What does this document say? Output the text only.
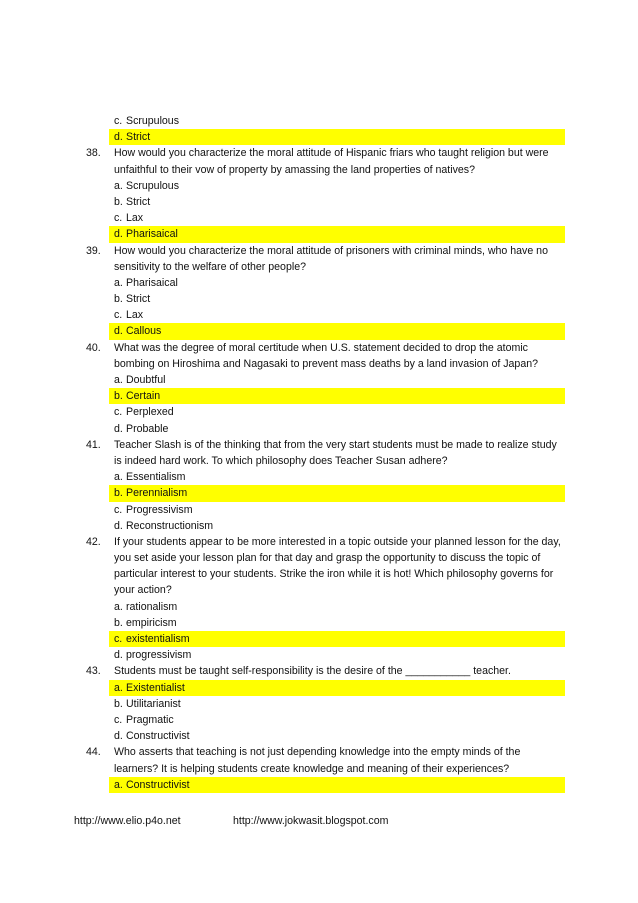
c. Scrupulous
d. Strict
38.	How would you characterize the moral attitude of Hispanic friars who taught religion but were
unfaithful to their vow of property by amassing the land properties of natives?
a. Scrupulous
b. Strict
c. Lax
d. Pharisaical
39.	How would you characterize the moral attitude of prisoners with criminal minds, who have no
sensitivity to the welfare of other people?
a. Pharisaical
b. Strict
c. Lax
d. Callous
40.	What was the degree of moral certitude when U.S. statement decided to drop the atomic
bombing on Hiroshima and Nagasaki to prevent mass deaths by a land invasion of Japan?
a. Doubtful
b. Certain
c. Perplexed
d. Probable
41.	Teacher Slash is of the thinking that from the very start students must be made to realize study
is indeed hard work. To which philosophy does Teacher Susan adhere?
a. Essentialism
b. Perennialism
c. Progressivism
d. Reconstructionism
42.	If your students appear to be more interested in a topic outside your planned lesson for the day,
you set aside your lesson plan for that day and grasp the opportunity to discuss the topic of
particular interest to your students. Strike the iron while it is hot! Which philosophy governs for
your action?
a. rationalism
b. empiricism
c. existentialism
d. progressivism
43.	Students must be taught self-responsibility is the desire of the ___________ teacher.
a. Existentialist
b. Utilitarianist
c. Pragmatic
d. Constructivist
44.	Who asserts that teaching is not just depending knowledge into the empty minds of the
learners? It is helping students create knowledge and meaning of their experiences?
a. Constructivist
http://www.elio.p4o.net	http://www.jokwasit.blogspot.com
